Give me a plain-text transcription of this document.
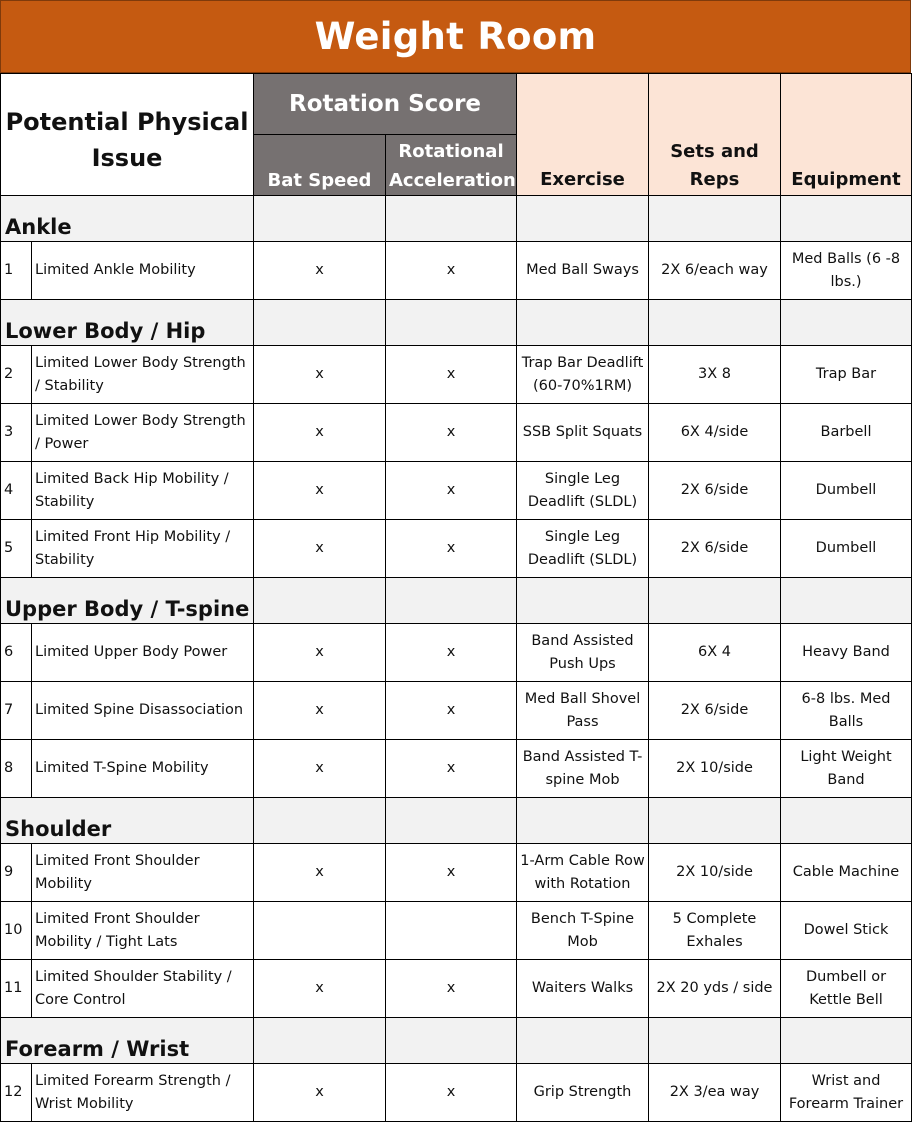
Weight Room
Potential Physical Issue		Rotation Score		Exercise	Sets and Reps	Equipment
		Bat Speed	Rotational Acceleration			
Ankle						
1	Limited Ankle Mobility	x	x	Med Ball Sways	2X 6/each way	Med Balls (6 -8 lbs.)
Lower Body / Hip						
2	Limited Lower Body Strength / Stability	x	x	Trap Bar Deadlift (60-70%1RM)	3X 8	Trap Bar
3	Limited Lower Body Strength / Power	x	x	SSB Split Squats	6X 4/side	Barbell
4	Limited Back Hip Mobility / Stability	x	x	Single Leg Deadlift (SLDL)	2X 6/side	Dumbell
5	Limited Front Hip Mobility / Stability	x	x	Single Leg Deadlift (SLDL)	2X 6/side	Dumbell
Upper Body / T-spine						
6	Limited Upper Body Power	x	x	Band Assisted Push Ups	6X 4	Heavy Band
7	Limited Spine Disassociation	x	x	Med Ball Shovel Pass	2X 6/side	6-8 lbs. Med Balls
8	Limited T-Spine Mobility	x	x	Band Assisted T-spine Mob	2X 10/side	Light Weight Band
Shoulder						
9	Limited Front Shoulder Mobility	x	x	1-Arm Cable Row with Rotation	2X 10/side	Cable Machine
10	Limited Front Shoulder Mobility / Tight Lats			Bench T-Spine Mob	5 Complete Exhales	Dowel Stick
11	Limited Shoulder Stability / Core Control	x	x	Waiters Walks	2X 20 yds / side	Dumbell or Kettle Bell
Forearm / Wrist						
12	Limited Forearm Strength / Wrist Mobility	x	x	Grip Strength	2X 3/ea way	Wrist and Forearm Trainer
